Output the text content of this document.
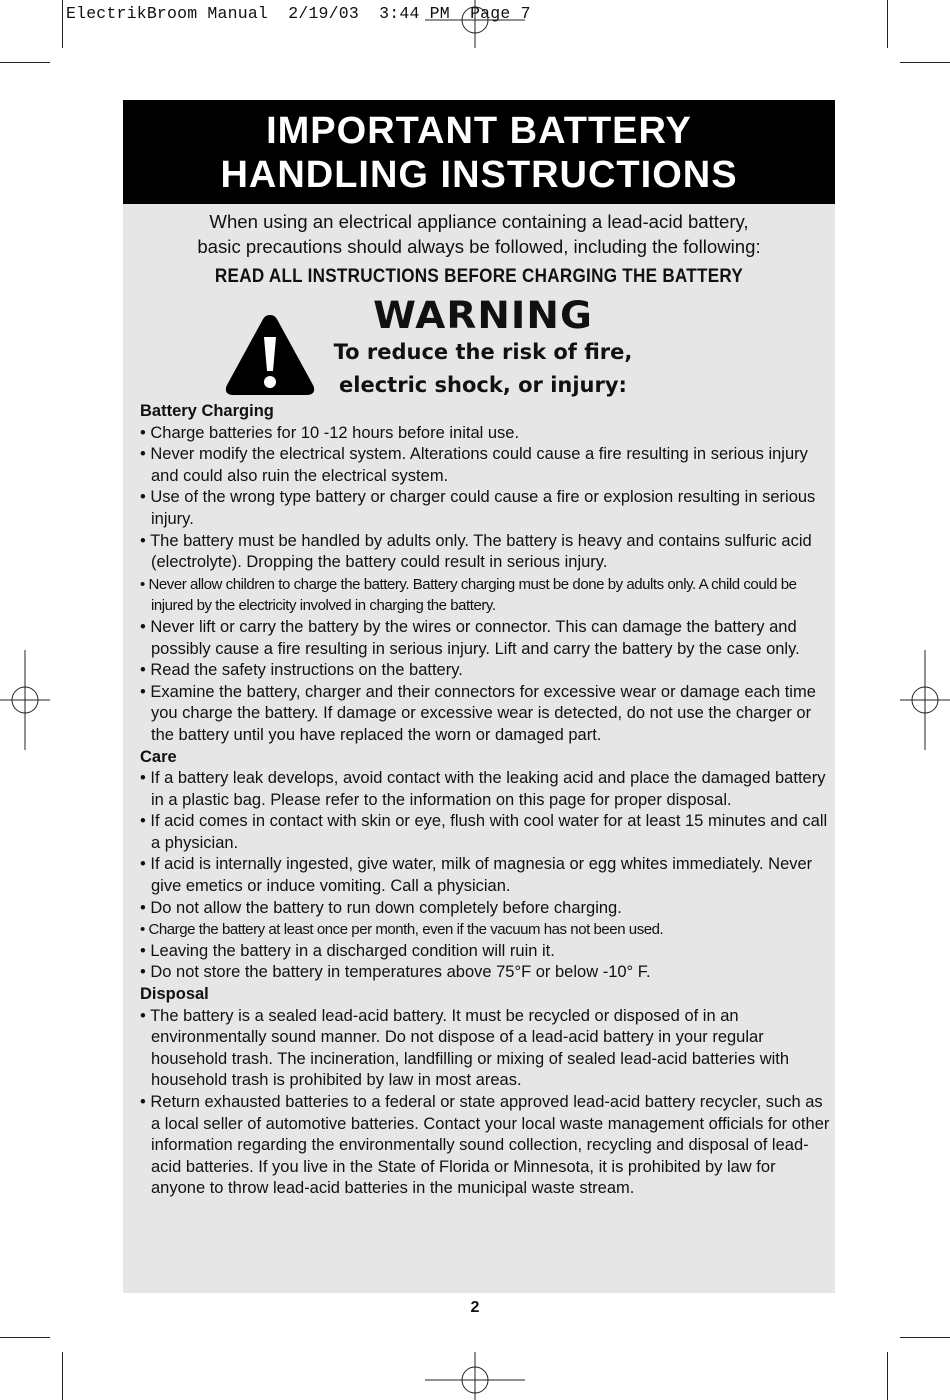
ElectrikBroom Manual  2/19/03  3:44 PM  Page 7
IMPORTANT BATTERY
HANDLING INSTRUCTIONS
When using an electrical appliance containing a lead-acid battery,
basic precautions should always be followed, including the following:
READ ALL INSTRUCTIONS BEFORE CHARGING THE BATTERY
WARNING
To reduce the risk of fire,
electric shock, or injury:
Battery Charging
• Charge batteries for 10 -12 hours before inital use.
• Never modify the electrical system. Alterations could cause a fire resulting in serious injury and could also ruin the electrical system.
• Use of the wrong type battery or charger could cause a fire or explosion resulting in serious injury.
• The battery must be handled by adults only. The battery is heavy and contains sulfuric acid (electrolyte). Dropping the battery could result in serious injury.
• Never allow children to charge the battery. Battery charging must be done by adults only. A child could be injured by the electricity involved in charging the battery.
• Never lift or carry the battery by the wires or connector. This can damage the battery and possibly cause a fire resulting in serious injury. Lift and carry the battery by the case only.
• Read the safety instructions on the battery.
• Examine the battery, charger and their connectors for excessive wear or damage each time you charge the battery. If damage or excessive wear is detected, do not use the charger or the battery until you have replaced the worn or damaged part.
Care
• If a battery leak develops, avoid contact with the leaking acid and place the damaged battery in a plastic bag. Please refer to the information on this page for proper disposal.
• If acid comes in contact with skin or eye, flush with cool water for at least 15 minutes and call a physician.
• If acid is internally ingested, give water, milk of magnesia or egg whites immediately. Never give emetics or induce vomiting. Call a physician.
• Do not allow the battery to run down completely before charging.
• Charge the battery at least once per month, even if the vacuum has not been used.
• Leaving the battery in a discharged condition will ruin it.
• Do not store the battery in temperatures above 75°F or below -10° F.
Disposal
• The battery is a sealed lead-acid battery. It must be recycled or disposed of in an environmentally sound manner. Do not dispose of a lead-acid battery in your regular household trash. The incineration, landfilling or mixing of sealed lead-acid batteries with household trash is prohibited by law in most areas.
• Return exhausted batteries to a federal or state approved lead-acid battery recycler, such as a local seller of automotive batteries. Contact your local waste management officials for other information regarding the environmentally sound collection, recycling and disposal of lead-acid batteries. If you live in the State of Florida or Minnesota, it is prohibited by law for anyone to throw lead-acid batteries in the municipal waste stream.
2
